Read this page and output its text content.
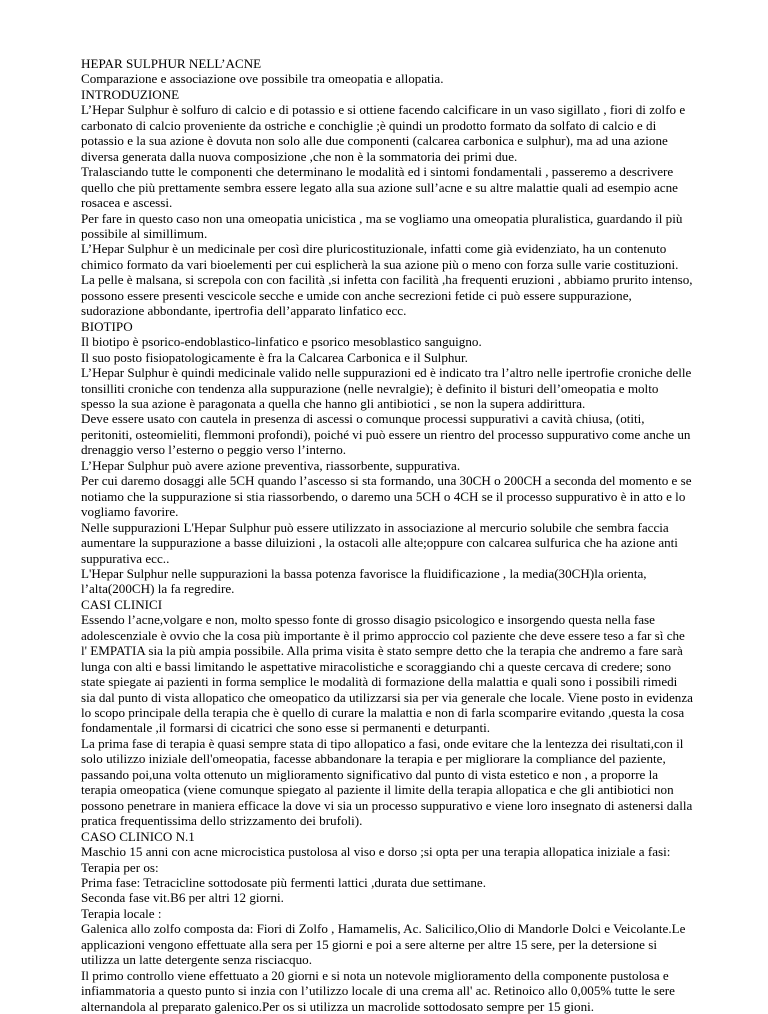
HEPAR SULPHUR NELL’ACNE

Comparazione e associazione ove possibile tra omeopatia e allopatia.

INTRODUZIONE

L’Hepar Sulphur è solfuro di calcio e di potassio e si ottiene facendo calcificare in un vaso sigillato , fiori di zolfo e carbonato di calcio proveniente da ostriche e conchiglie ;è quindi un prodotto formato da solfato di calcio e di potassio e la sua azione è dovuta non solo alle due componenti (calcarea carbonica e sulphur), ma ad una azione diversa generata dalla nuova composizione ,che non è la sommatoria dei primi due.

Tralasciando tutte le componenti che determinano le modalità ed i sintomi fondamentali , passeremo a descrivere quello che più prettamente sembra essere legato alla sua azione sull’acne e su altre malattie quali ad esempio acne rosacea e ascessi.

Per fare in questo caso non una omeopatia unicistica , ma se vogliamo una omeopatia pluralistica, guardando il più possibile al simillimum.

L’Hepar Sulphur è un medicinale per così dire pluricostituzionale, infatti come già evidenziato, ha un contenuto chimico formato da vari bioelementi per cui esplicherà la sua azione più o meno con forza sulle varie costituzioni.

La pelle è malsana, si screpola con con facilità ,si infetta con facilità ,ha frequenti eruzioni , abbiamo prurito intenso, possono essere presenti vescicole secche e umide con anche secrezioni fetide ci può essere suppurazione, sudorazione abbondante, ipertrofia dell’apparato linfatico ecc.

BIOTIPO

Il biotipo è psorico-endoblastico-linfatico e psorico mesoblastico sanguigno.

Il suo posto fisiopatologicamente è fra la Calcarea Carbonica e il Sulphur.

L’Hepar Sulphur è quindi medicinale valido nelle suppurazioni ed è indicato tra l’altro nelle ipertrofie croniche delle tonsilliti croniche con tendenza alla suppurazione (nelle nevralgie); è definito il bisturi dell’omeopatia e molto spesso la sua azione è paragonata a quella che hanno gli antibiotici , se non la supera addirittura.

Deve essere usato con cautela in presenza di ascessi o comunque processi suppurativi a cavità chiusa, (otiti, peritoniti, osteomieliti, flemmoni profondi), poiché vi può essere un rientro del processo suppurativo come anche un drenaggio verso l’esterno o peggio verso l’interno.

L’Hepar Sulphur può avere azione preventiva, riassorbente, suppurativa.

Per cui daremo dosaggi alle 5CH quando l’ascesso si sta formando, una 30CH o 200CH a seconda del momento e se notiamo che la suppurazione si stia riassorbendo, o daremo una 5CH o 4CH se il processo suppurativo è in atto e lo vogliamo favorire.

Nelle suppurazioni L'Hepar Sulphur può essere utilizzato in associazione al mercurio solubile che sembra faccia aumentare la suppurazione a basse diluizioni , la ostacoli alle alte;oppure con calcarea sulfurica che ha azione anti suppurativa ecc..

L'Hepar Sulphur nelle suppurazioni la bassa potenza favorisce la fluidificazione , la media(30CH)la orienta, l’alta(200CH) la fa regredire.

CASI CLINICI

Essendo l’acne,volgare e non, molto spesso fonte di grosso disagio psicologico e insorgendo questa nella fase adolescenziale è ovvio che la cosa più importante è il primo approccio col paziente che deve essere teso a far sì che l' EMPATIA sia la più ampia possibile. Alla prima visita è stato sempre detto che la terapia che andremo a fare sarà lunga con alti e bassi limitando le aspettative miracolistiche e scoraggiando chi a queste cercava di credere; sono state spiegate ai pazienti in forma semplice le modalità di formazione della malattia e quali sono i possibili rimedi sia dal punto di vista allopatico che omeopatico da utilizzarsi sia per via generale che locale. Viene posto in evidenza lo scopo principale della terapia che è quello di curare la malattia e non di farla scomparire evitando ,questa la cosa fondamentale ,il formarsi di cicatrici che sono esse si permanenti e deturpanti.

La prima fase di terapia è quasi sempre stata di tipo allopatico a fasi, onde evitare che la lentezza dei risultati,con il solo utilizzo iniziale dell'omeopatia, facesse abbandonare la terapia e per migliorare la compliance del paziente, passando poi,una volta ottenuto un miglioramento significativo dal punto di vista estetico e non , a proporre la terapia omeopatica (viene comunque spiegato al paziente il limite della terapia allopatica e che gli antibiotici non possono penetrare in maniera efficace la dove vi sia un processo suppurativo e viene loro insegnato di astenersi dalla pratica frequentissima dello strizzamento dei brufoli).

CASO CLINICO N.1

Maschio 15 anni con acne microcistica pustolosa al viso e dorso ;si opta per una terapia allopatica iniziale a fasi:

Terapia per os:

Prima fase: Tetracicline sottodosate più fermenti lattici ,durata due settimane.

Seconda fase vit.B6 per altri 12 giorni.

Terapia locale :

Galenica allo zolfo composta da: Fiori di Zolfo , Hamamelis, Ac. Salicilico,Olio di Mandorle Dolci e Veicolante.Le applicazioni vengono effettuate alla sera per 15 giorni e poi a sere alterne per altre 15 sere, per la detersione si utilizza un latte detergente senza risciacquo.

Il primo controllo viene effettuato a 20 giorni e si nota un notevole miglioramento della componente pustolosa e infiammatoria a questo punto si inzia con l’utilizzo locale di una crema all' ac. Retinoico allo 0,005% tutte le sere alternandola al preparato galenico.Per os si utilizza un macrolide sottodosato sempre per 15 gioni.
